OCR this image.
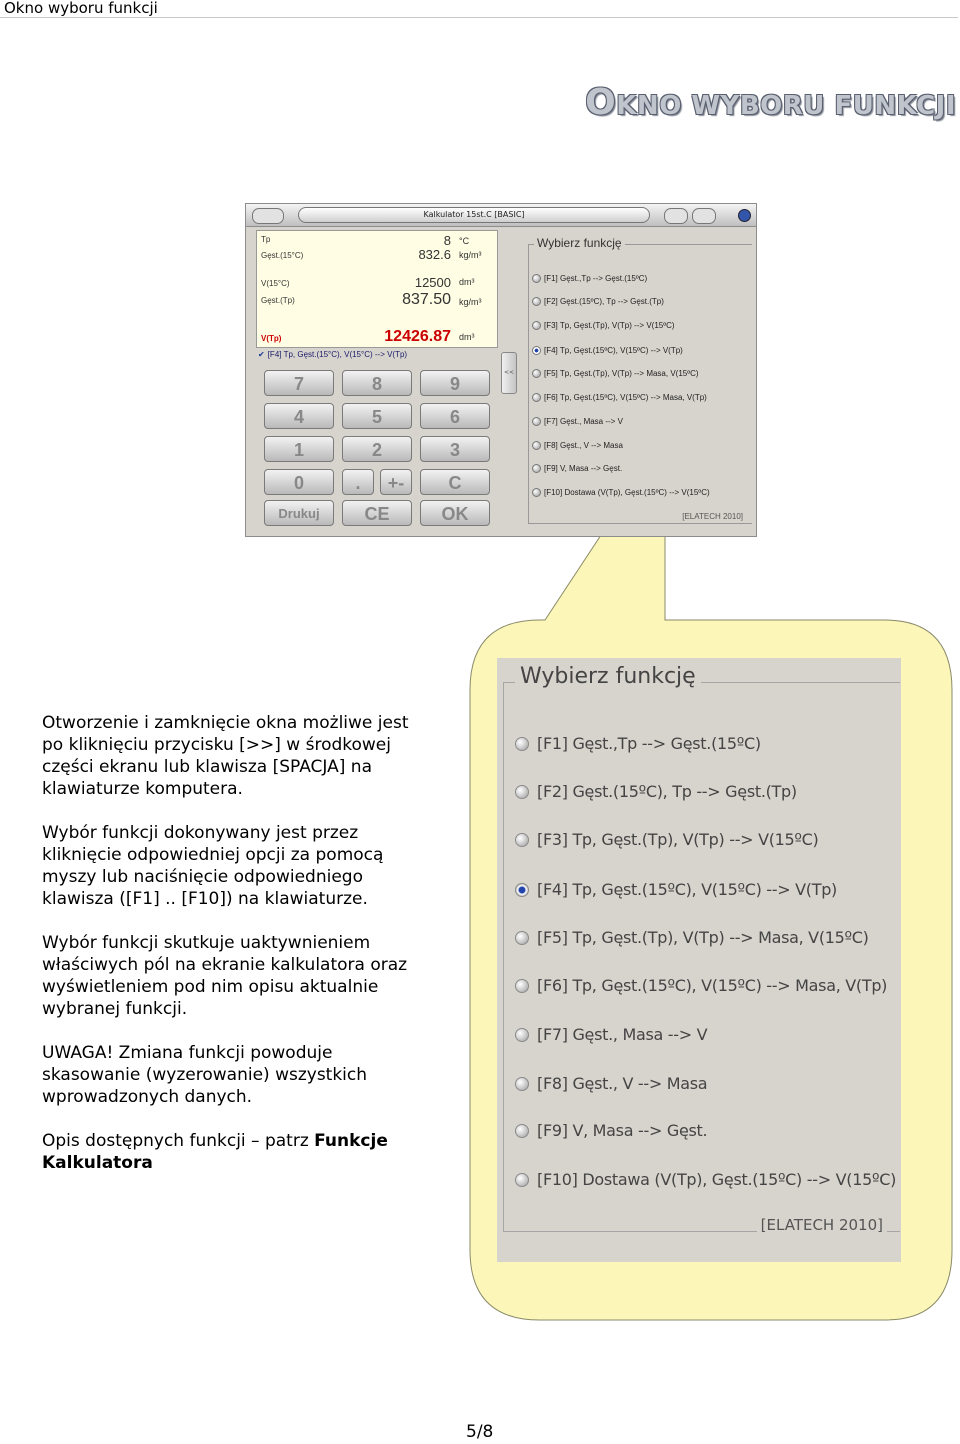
Okno wyboru funkcji
OKNO WYBORU FUNKCJI
Kalkulator 15st.C [BASIC]
Tp	8 °C
Gęst.(15°C)	832.6 kg/m³
V(15°C)	12500 dm³
Gęst.(Tp)	837.50 kg/m³
V(Tp)	12426.87 dm³
✔ [F4] Tp, Gęst.(15°C), V(15°C) --> V(Tp)
<<
7	8	9
4	5	6
1	2	3
0	.	+-	C
Drukuj	CE	OK
Wybierz funkcję
[F1] Gęst.,Tp --> Gęst.(15ºC)
[F2] Gęst.(15ºC), Tp --> Gęst.(Tp)
[F3] Tp, Gęst.(Tp), V(Tp) --> V(15ºC)
[F4] Tp, Gęst.(15ºC), V(15ºC) --> V(Tp)
[F5] Tp, Gęst.(Tp), V(Tp) --> Masa, V(15ºC)
[F6] Tp, Gęst.(15ºC), V(15ºC) --> Masa, V(Tp)
[F7] Gęst., Masa --> V
[F8] Gęst., V --> Masa
[F9] V, Masa --> Gęst.
[F10] Dostawa (V(Tp), Gęst.(15ºC) --> V(15ºC)
[ELATECH 2010]
Wybierz funkcję
[F1] Gęst.,Tp --> Gęst.(15ºC)
[F2] Gęst.(15ºC), Tp --> Gęst.(Tp)
[F3] Tp, Gęst.(Tp), V(Tp) --> V(15ºC)
[F4] Tp, Gęst.(15ºC), V(15ºC) --> V(Tp)
[F5] Tp, Gęst.(Tp), V(Tp) --> Masa, V(15ºC)
[F6] Tp, Gęst.(15ºC), V(15ºC) --> Masa, V(Tp)
[F7] Gęst., Masa --> V
[F8] Gęst., V --> Masa
[F9] V, Masa --> Gęst.
[F10] Dostawa (V(Tp), Gęst.(15ºC) --> V(15ºC)
[ELATECH 2010]

Otworzenie i zamknięcie okna możliwe jest po kliknięciu przycisku [>>] w środkowej części ekranu lub klawisza [SPACJA] na klawiaturze komputera.

Wybór funkcji dokonywany jest przez kliknięcie odpowiedniej opcji za pomocą myszy lub naciśnięcie odpowiedniego klawisza ([F1] .. [F10]) na klawiaturze.

Wybór funkcji skutkuje uaktywnieniem właściwych pól na ekranie kalkulatora oraz wyświetleniem pod nim opisu aktualnie wybranej funkcji.

UWAGA! Zmiana funkcji powoduje skasowanie (wyzerowanie) wszystkich wprowadzonych danych.

Opis dostępnych funkcji – patrz Funkcje Kalkulatora

5/8
